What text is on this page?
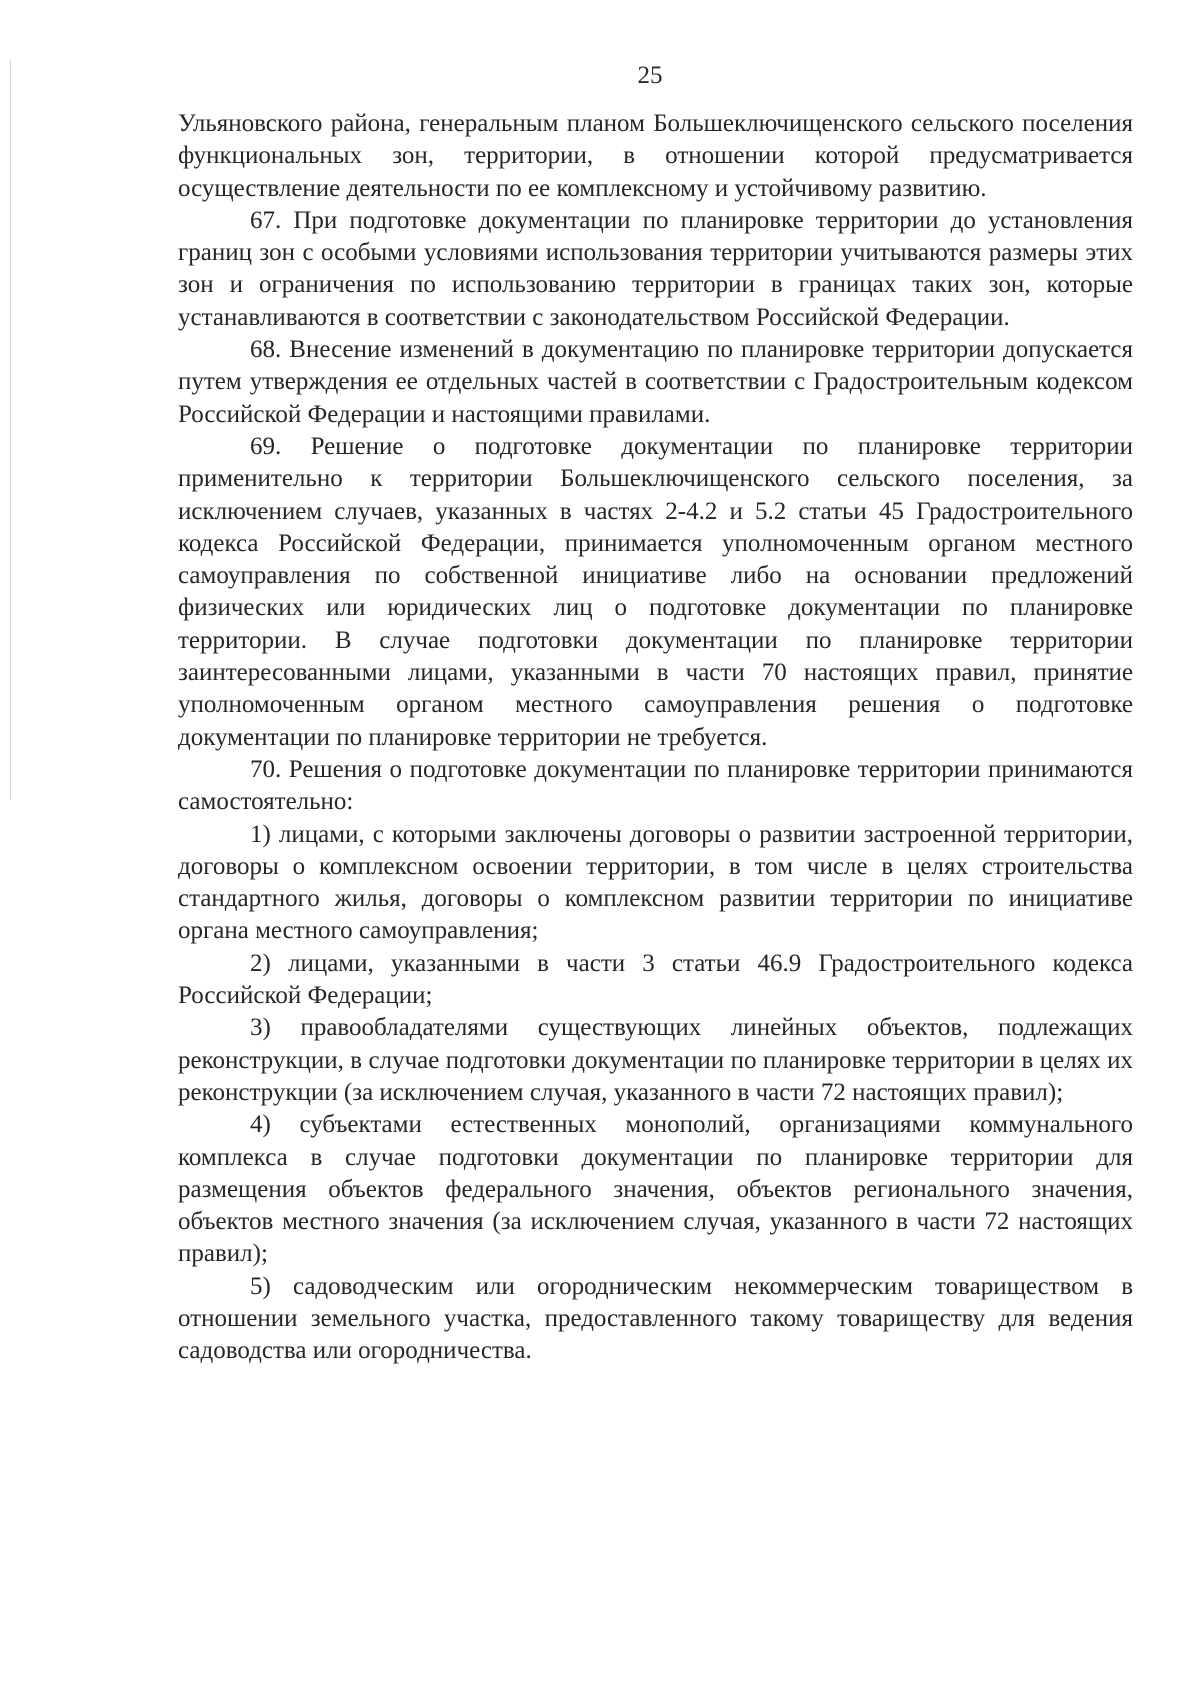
25

Ульяновского района, генеральным планом Большеключищенского сельского поселения функциональных зон, территории, в отношении которой предусматривается осуществление деятельности по ее комплексному и устойчивому развитию.

67. При подготовке документации по планировке территории до установления границ зон с особыми условиями использования территории учитываются размеры этих зон и ограничения по использованию территории в границах таких зон, которые устанавливаются в соответствии с законодательством Российской Федерации.

68. Внесение изменений в документацию по планировке территории допускается путем утверждения ее отдельных частей в соответствии с Градостроительным кодексом Российской Федерации и настоящими правилами.

69. Решение о подготовке документации по планировке территории применительно к территории Большеключищенского сельского поселения, за исключением случаев, указанных в частях 2-4.2 и 5.2 статьи 45 Градостроительного кодекса Российской Федерации, принимается уполномоченным органом местного самоуправления по собственной инициативе либо на основании предложений физических или юридических лиц о подготовке документации по планировке территории. В случае подготовки документации по планировке территории заинтересованными лицами, указанными в части 70 настоящих правил, принятие уполномоченным органом местного самоуправления решения о подготовке документации по планировке территории не требуется.

70. Решения о подготовке документации по планировке территории принимаются самостоятельно:

1) лицами, с которыми заключены договоры о развитии застроенной территории, договоры о комплексном освоении территории, в том числе в целях строительства стандартного жилья, договоры о комплексном развитии территории по инициативе органа местного самоуправления;

2) лицами, указанными в части 3 статьи 46.9 Градостроительного кодекса Российской Федерации;

3) правообладателями существующих линейных объектов, подлежащих реконструкции, в случае подготовки документации по планировке территории в целях их реконструкции (за исключением случая, указанного в части 72 настоящих правил);

4) субъектами естественных монополий, организациями коммунального комплекса в случае подготовки документации по планировке территории для размещения объектов федерального значения, объектов регионального значения, объектов местного значения (за исключением случая, указанного в части 72 настоящих правил);

5) садоводческим или огородническим некоммерческим товариществом в отношении земельного участка, предоставленного такому товариществу для ведения садоводства или огородничества.
